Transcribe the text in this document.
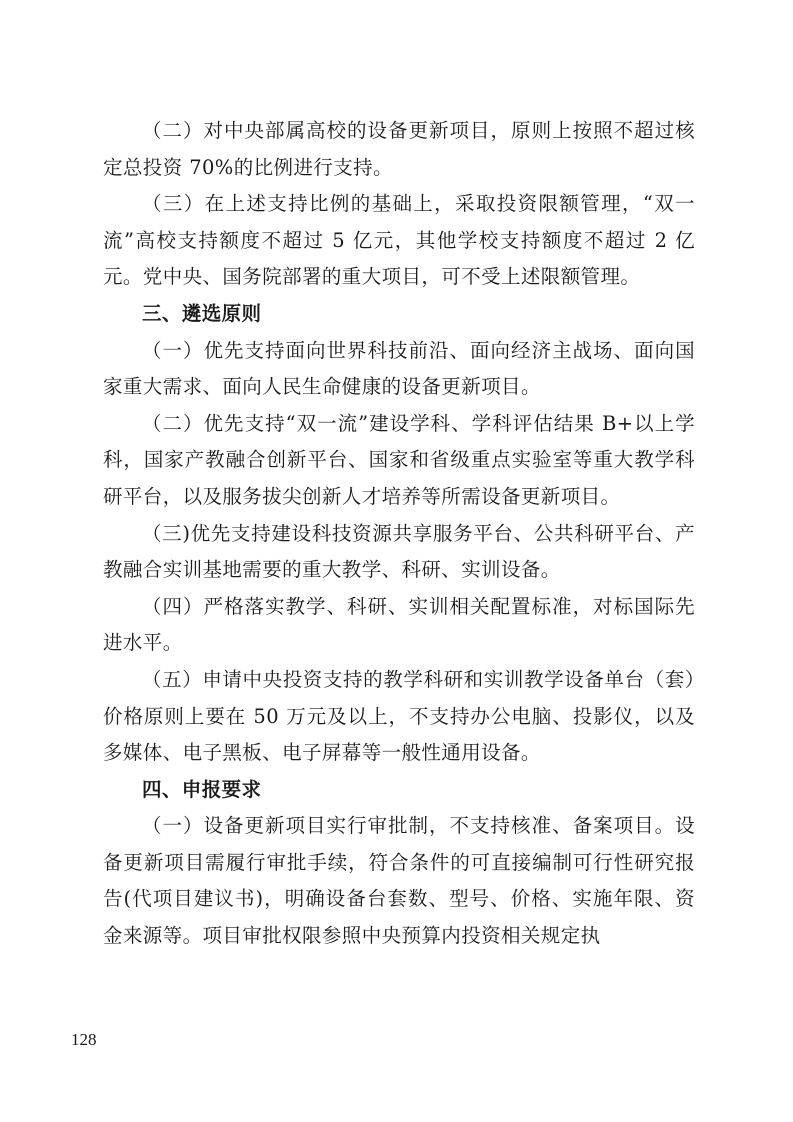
（二）对中央部属高校的设备更新项目，原则上按照不超过核定总投资 70%的比例进行支持。

（三）在上述支持比例的基础上，采取投资限额管理，“双一流”高校支持额度不超过 5 亿元，其他学校支持额度不超过 2 亿元。党中央、国务院部署的重大项目，可不受上述限额管理。

三、遴选原则

（一）优先支持面向世界科技前沿、面向经济主战场、面向国家重大需求、面向人民生命健康的设备更新项目。

（二）优先支持“双一流”建设学科、学科评估结果 B+以上学科，国家产教融合创新平台、国家和省级重点实验室等重大教学科研平台，以及服务拔尖创新人才培养等所需设备更新项目。

（三)优先支持建设科技资源共享服务平台、公共科研平台、产教融合实训基地需要的重大教学、科研、实训设备。

（四）严格落实教学、科研、实训相关配置标准，对标国际先进水平。

（五）申请中央投资支持的教学科研和实训教学设备单台（套）价格原则上要在 50 万元及以上，不支持办公电脑、投影仪，以及多媒体、电子黑板、电子屏幕等一般性通用设备。

四、申报要求

（一）设备更新项目实行审批制，不支持核准、备案项目。设备更新项目需履行审批手续，符合条件的可直接编制可行性研究报告(代项目建议书)，明确设备台套数、型号、价格、实施年限、资金来源等。项目审批权限参照中央预算内投资相关规定执

128
